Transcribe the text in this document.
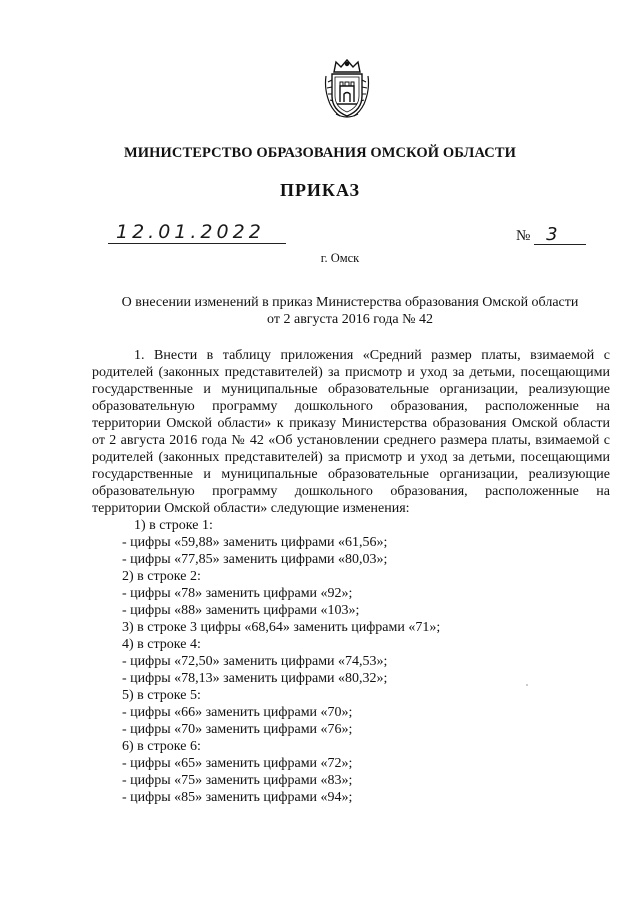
МИНИСТЕРСТВО ОБРАЗОВАНИЯ ОМСКОЙ ОБЛАСТИ
ПРИКАЗ
12.01.2022	№ 3
г. Омск
О внесении изменений в приказ Министерства образования Омской области
от 2 августа 2016 года № 42

1. Внести в таблицу приложения «Средний размер платы, взимаемой с родителей (законных представителей) за присмотр и уход за детьми, посещающими государственные и муниципальные образовательные организации, реализующие образовательную программу дошкольного образования, расположенные на территории Омской области» к приказу Министерства образования Омской области от 2 августа 2016 года № 42 «Об установлении среднего размера платы, взимаемой с родителей (законных представителей) за присмотр и уход за детьми, посещающими государственные и муниципальные образовательные организации, реализующие образовательную программу дошкольного образования, расположенные на территории Омской области» следующие изменения:

1) в строке 1:
- цифры «59,88» заменить цифрами «61,56»;
- цифры «77,85» заменить цифрами «80,03»;
2) в строке 2:
- цифры «78» заменить цифрами «92»;
- цифры «88» заменить цифрами «103»;
3) в строке 3 цифры «68,64» заменить цифрами «71»;
4) в строке 4:
- цифры «72,50» заменить цифрами «74,53»;
- цифры «78,13» заменить цифрами «80,32»;
5) в строке 5:
- цифры «66» заменить цифрами «70»;
- цифры «70» заменить цифрами «76»;
6) в строке 6:
- цифры «65» заменить цифрами «72»;
- цифры «75» заменить цифрами «83»;
- цифры «85» заменить цифрами «94»;
